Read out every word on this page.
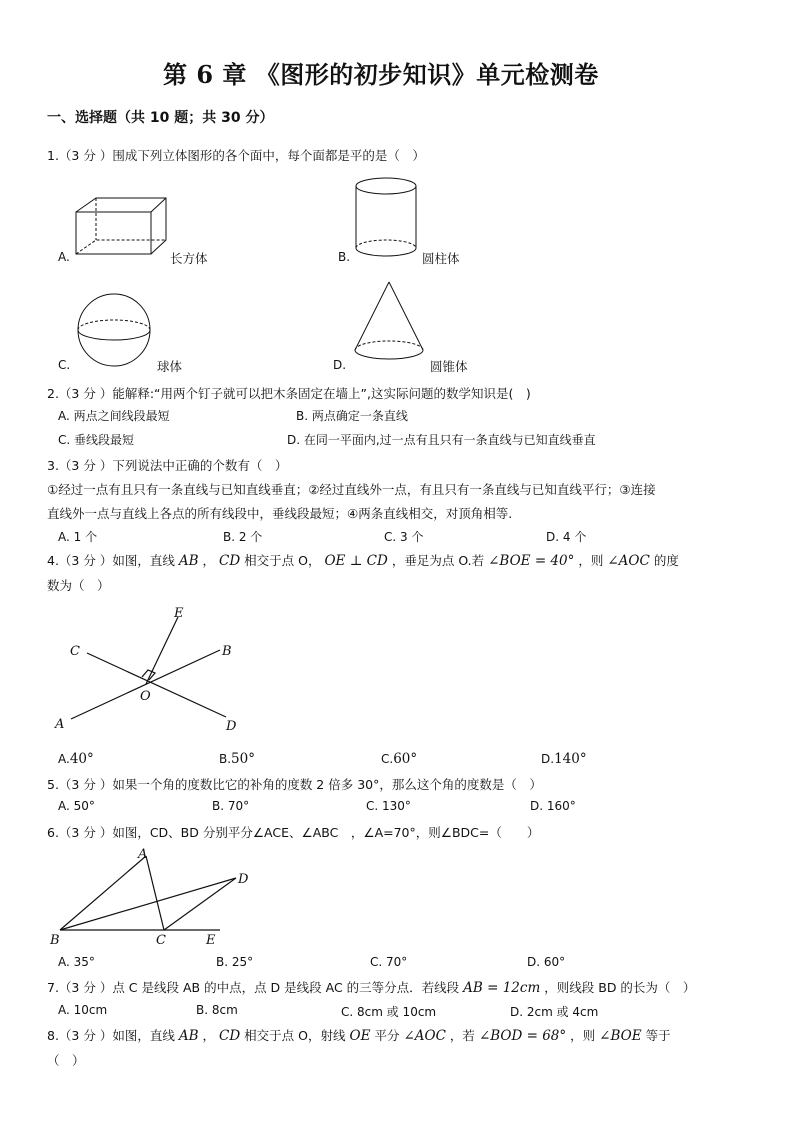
第 6 章 《图形的初步知识》单元检测卷
一、选择题（共 10 题；共 30 分）
1.（3 分 ）围成下列立体图形的各个面中，每个面都是平的是（　）
A.	长方体	B.	圆柱体
C.	球体	D.	圆锥体
2.（3 分 ）能解释:“用两个钉子就可以把木条固定在墙上”,这实际问题的数学知识是(　)
A. 两点之间线段最短	B. 两点确定一条直线
C. 垂线段最短	D. 在同一平面内,过一点有且只有一条直线与已知直线垂直
3.（3 分 ）下列说法中正确的个数有（　）
①经过一点有且只有一条直线与已知直线垂直；②经过直线外一点，有且只有一条直线与已知直线平行；③连接
直线外一点与直线上各点的所有线段中，垂线段最短；④两条直线相交，对顶角相等.
A. 1 个	B. 2 个	C. 3 个	D. 4 个
4.（3 分 ）如图，直线 AB ， CD 相交于点 O， OE ⊥ CD ，垂足为点 O.若 ∠BOE = 40° ，则 ∠AOC 的度
数为（　）
A
B
C
D
E
O
A.40°	B.50°	C.60°	D.140°
5.（3 分 ）如果一个角的度数比它的补角的度数 2 倍多 30°，那么这个角的度数是（　）
A. 50°	B. 70°	C. 130°	D. 160°
6.（3 分 ）如图，CD、BD 分别平分∠ACE、∠ABC　，∠A=70°，则∠BDC=（　　）
B
A
C
D
E
A. 35°	B. 25°	C. 70°	D. 60°
7.（3 分 ）点 C 是线段 AB 的中点，点 D 是线段 AC 的三等分点．若线段 AB = 12cm ，则线段 BD 的长为（　）
A. 10cm	B. 8cm	C. 8cm 或 10cm	D. 2cm 或 4cm
8.（3 分 ）如图，直线 AB ， CD 相交于点 O，射线 OE 平分 ∠AOC ，若 ∠BOD = 68° ，则 ∠BOE 等于
（　）
